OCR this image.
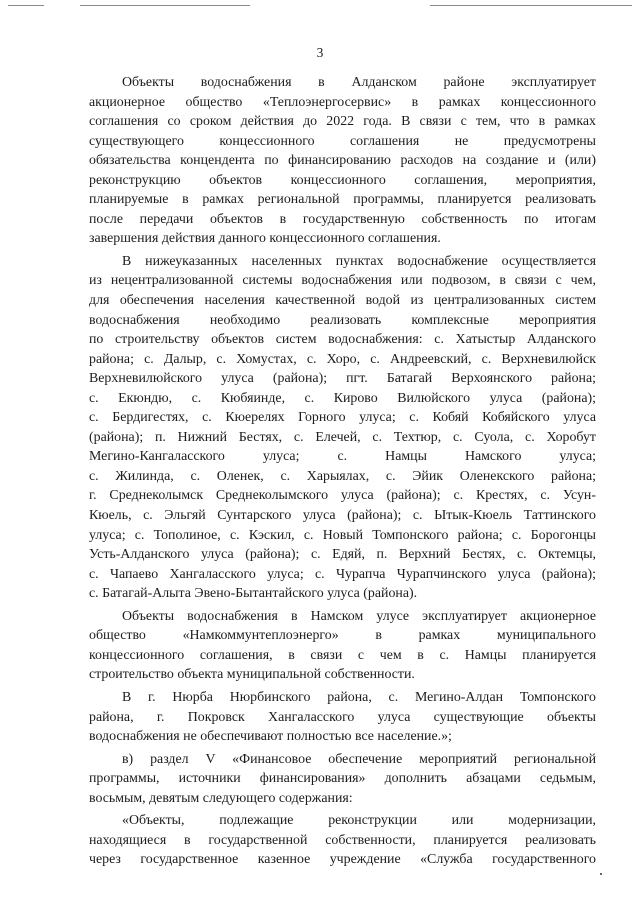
3

Объекты водоснабжения в Алданском районе эксплуатирует
акционерное общество «Теплоэнергосервис» в рамках концессионного
соглашения со сроком действия до 2022 года. В связи с тем, что в рамках
существующего концессионного соглашения не предусмотрены
обязательства концендента по финансированию расходов на создание и (или)
реконструкцию объектов концессионного соглашения, мероприятия,
планируемые в рамках региональной программы, планируется реализовать
после передачи объектов в государственную собственность по итогам
завершения действия данного концессионного соглашения.

В нижеуказанных населенных пунктах водоснабжение осуществляется
из нецентрализованной системы водоснабжения или подвозом, в связи с чем,
для обеспечения населения качественной водой из централизованных систем
водоснабжения необходимо реализовать комплексные мероприятия
по строительству объектов систем водоснабжения: с. Хатыстыр Алданского
района; с. Далыр, с. Хомустах, с. Хоро, с. Андреевский, с. Верхневилюйск
Верхневилюйского улуса (района); пгт. Батагай Верхоянского района;
с. Екюндю, с. Кюбяинде, с. Кирово Вилюйского улуса (района);
с. Бердигестях, с. Кюерелях Горного улуса; с. Кобяй Кобяйского улуса
(района); п. Нижний Бестях, с. Елечей, с. Техтюр, с. Суола, с. Хоробут
Мегино-Кангаласского улуса; с. Намцы Намского улуса;
с. Жилинда, с. Оленек, с. Харыялах, с. Эйик Оленекского района;
г. Среднеколымск Среднеколымского улуса (района); с. Крестях, с. Усун-
Кюель, с. Эльгяй Сунтарского улуса (района); с. Ытык-Кюель Таттинского
улуса; с. Тополиное, с. Кэскил, с. Новый Томпонского района; с. Борогонцы
Усть-Алданского улуса (района); с. Едяй, п. Верхний Бестях, с. Октемцы,
с. Чапаево Хангаласского улуса; с. Чурапча Чурапчинского улуса (района);
с. Батагай-Алыта Эвено-Бытантайского улуса (района).

Объекты водоснабжения в Намском улусе эксплуатирует акционерное
общество «Намкоммунтеплоэнерго» в рамках муниципального
концессионного соглашения, в связи с чем в с. Намцы планируется
строительство объекта муниципальной собственности.

В г. Нюрба Нюрбинского района, с. Мегино-Алдан Томпонского
района, г. Покровск Хангаласского улуса существующие объекты
водоснабжения не обеспечивают полностью все население.»;

в) раздел V «Финансовое обеспечение мероприятий региональной
программы, источники финансирования» дополнить абзацами седьмым,
восьмым, девятым следующего содержания:

«Объекты, подлежащие реконструкции или модернизации,
находящиеся в государственной собственности, планируется реализовать
через государственное казенное учреждение «Служба государственного
